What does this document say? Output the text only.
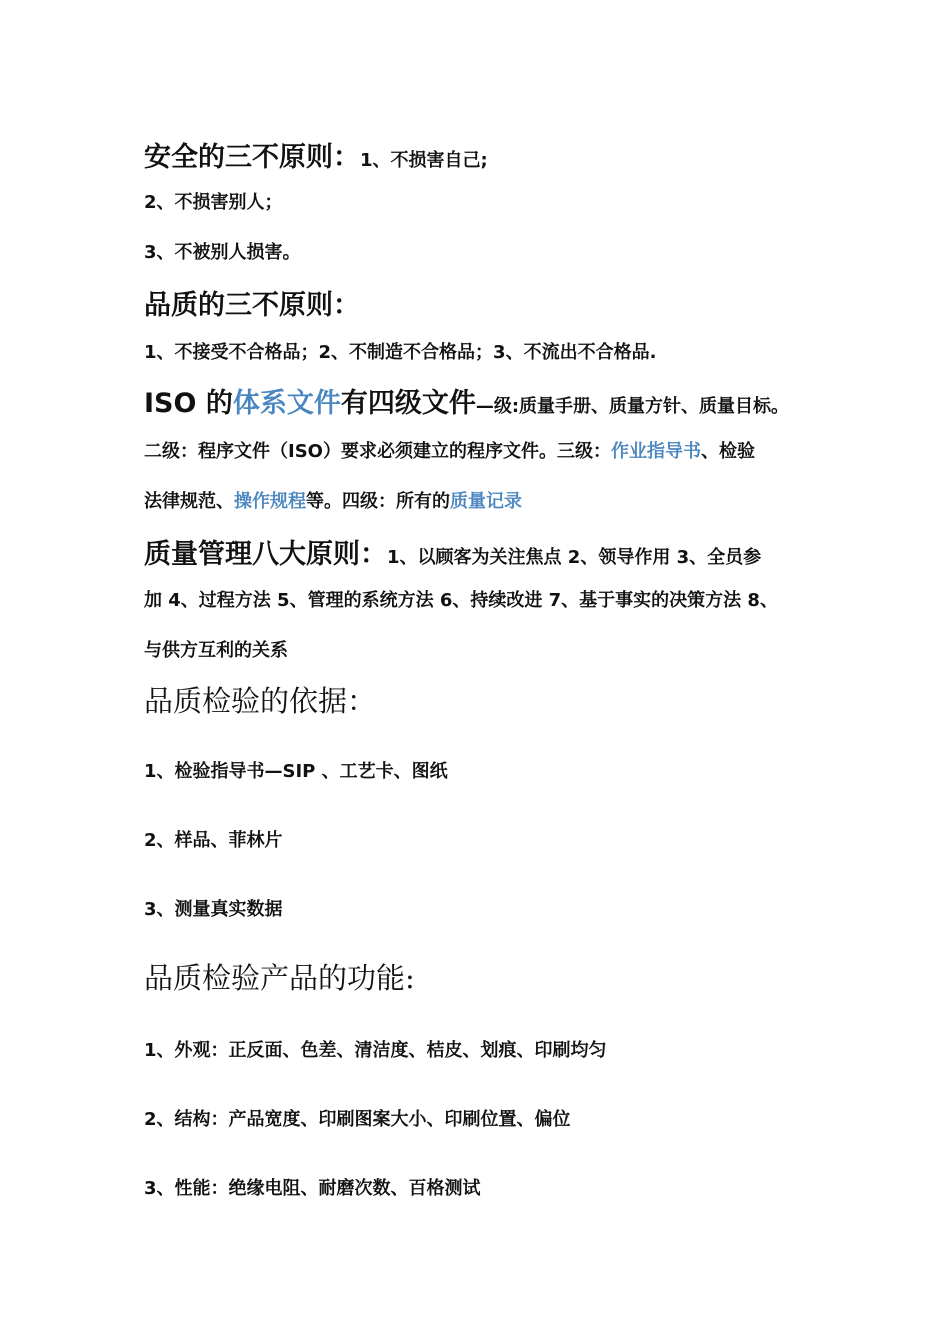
安全的三不原则：1、不损害自己;
2、不损害别人；
3、不被别人损害。
品质的三不原则：
1、不接受不合格品；2、不制造不合格品；3、不流出不合格品.
ISO 的体系文件有四级文件—级:质量手册、质量方针、质量目标。
二级：程序文件（ISO）要求必须建立的程序文件。三级：作业指导书、检验
法律规范、操作规程等。四级：所有的质量记录
质量管理八大原则：1、以顾客为关注焦点 2、领导作用 3、全员参
加 4、过程方法 5、管理的系统方法 6、持续改进 7、基于事实的决策方法 8、
与供方互利的关系
品质检验的依据：
1、检验指导书—SIP 、工艺卡、图纸
2、样品、菲林片
3、测量真实数据
品质检验产品的功能:
1、外观：正反面、色差、清洁度、桔皮、划痕、印刷均匀
2、结构：产品宽度、印刷图案大小、印刷位置、偏位
3、性能：绝缘电阻、耐磨次数、百格测试
